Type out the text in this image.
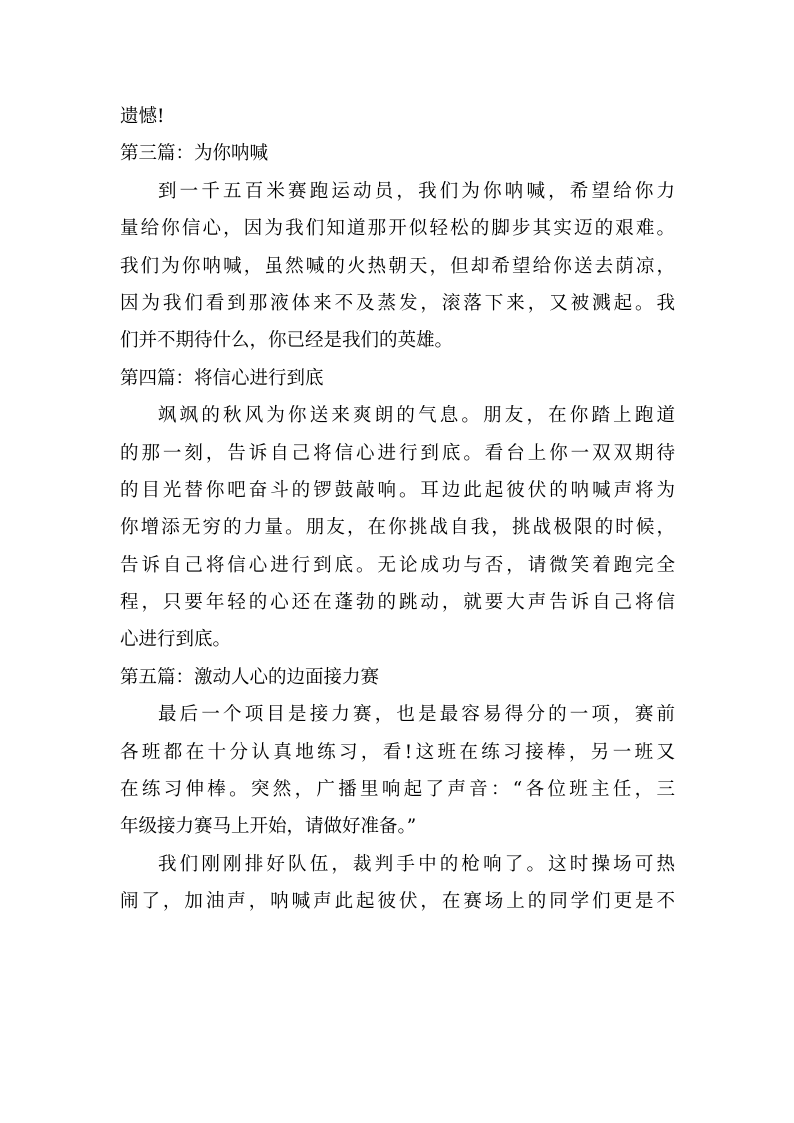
遗憾!
第三篇：为你呐喊
到一千五百米赛跑运动员，我们为你呐喊，希望给你力
量给你信心，因为我们知道那开似轻松的脚步其实迈的艰难。
我们为你呐喊，虽然喊的火热朝天，但却希望给你送去荫凉，
因为我们看到那液体来不及蒸发，滚落下来，又被溅起。我
们并不期待什么，你已经是我们的英雄。
第四篇：将信心进行到底
飒飒的秋风为你送来爽朗的气息。朋友，在你踏上跑道
的那一刻，告诉自己将信心进行到底。看台上你一双双期待
的目光替你吧奋斗的锣鼓敲响。耳边此起彼伏的呐喊声将为
你增添无穷的力量。朋友，在你挑战自我，挑战极限的时候，
告诉自己将信心进行到底。无论成功与否，请微笑着跑完全
程，只要年轻的心还在蓬勃的跳动，就要大声告诉自己将信
心进行到底。
第五篇：激动人心的边面接力赛
最后一个项目是接力赛，也是最容易得分的一项，赛前
各班都在十分认真地练习，看!这班在练习接棒，另一班又
在练习伸棒。突然，广播里响起了声音：“各位班主任，三
年级接力赛马上开始，请做好准备。”
我们刚刚排好队伍，裁判手中的枪响了。这时操场可热
闹了，加油声，呐喊声此起彼伏，在赛场上的同学们更是不
